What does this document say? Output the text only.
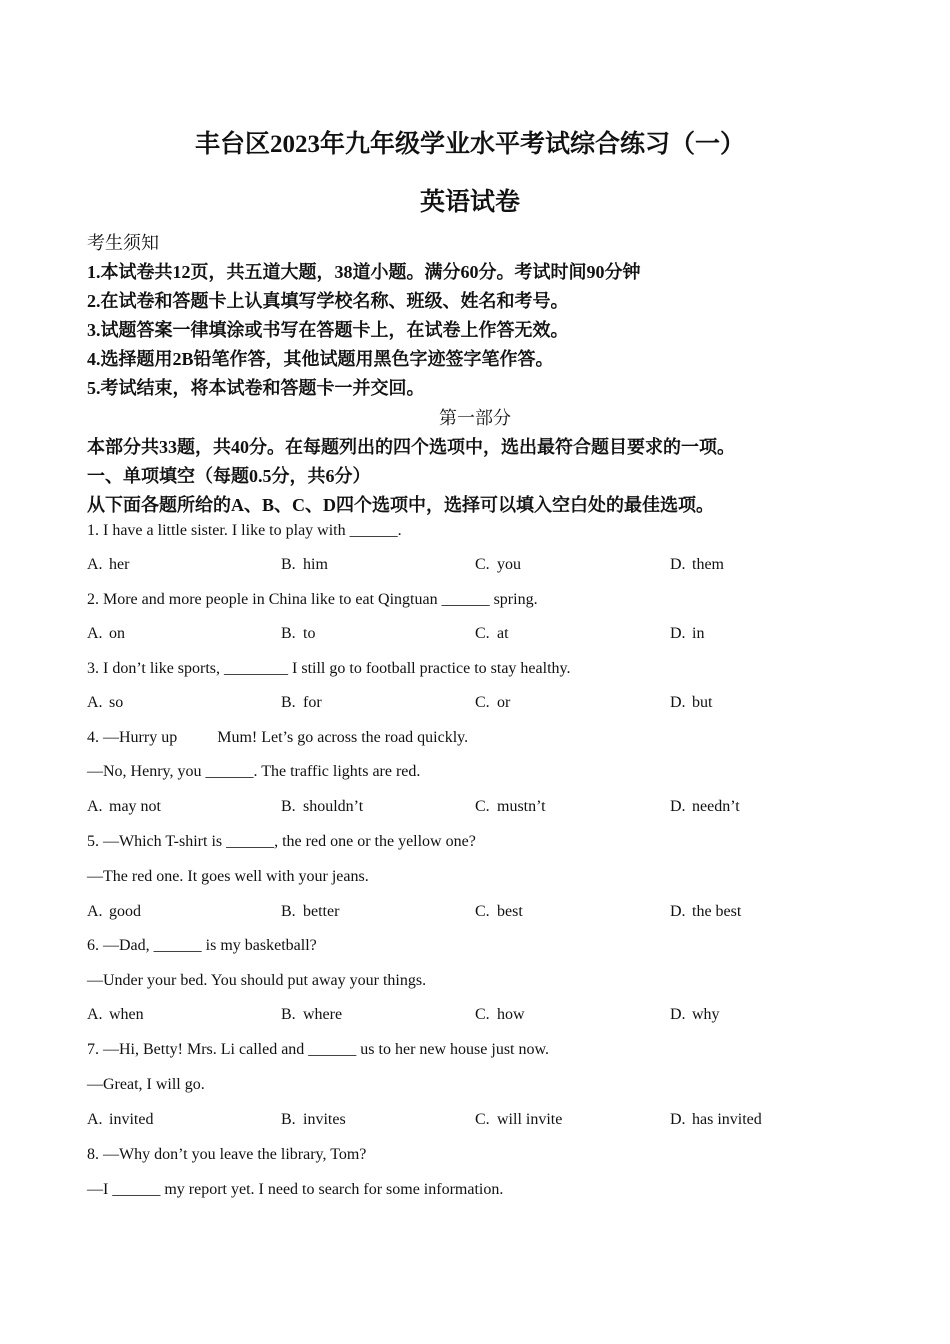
丰台区2023年九年级学业水平考试综合练习（一）
英语试卷
考生须知
1.本试卷共12页，共五道大题，38道小题。满分60分。考试时间90分钟
2.在试卷和答题卡上认真填写学校名称、班级、姓名和考号。
3.试题答案一律填涂或书写在答题卡上，在试卷上作答无效。
4.选择题用2B铅笔作答，其他试题用黑色字迹签字笔作答。
5.考试结束，将本试卷和答题卡一并交回。
第一部分
本部分共33题，共40分。在每题列出的四个选项中，选出最符合题目要求的一项。
一、单项填空（每题0.5分，共6分）
从下面各题所给的A、B、C、D四个选项中，选择可以填入空白处的最佳选项。
1. I have a little sister. I like to play with ______.
A. her	B. him	C. you	D. them
2. More and more people in China like to eat Qingtuan ______ spring.
A. on	B. to	C. at	D. in
3. I don’t like sports, ________ I still go to football practice to stay healthy.
A. so	B. for	C. or	D. but
4. —Hurry up	Mum! Let’s go across the road quickly.
—No, Henry, you ______. The traffic lights are red.
A. may not	B. shouldn’t	C. mustn’t	D. needn’t
5. —Which T-shirt is ______, the red one or the yellow one?
—The red one. It goes well with your jeans.
A. good	B. better	C. best	D. the best
6. —Dad, ______ is my basketball?
—Under your bed. You should put away your things.
A. when	B. where	C. how	D. why
7. —Hi, Betty! Mrs. Li called and ______ us to her new house just now.
—Great, I will go.
A. invited	B. invites	C. will invite	D. has invited
8. —Why don’t you leave the library, Tom?
—I ______ my report yet. I need to search for some information.
